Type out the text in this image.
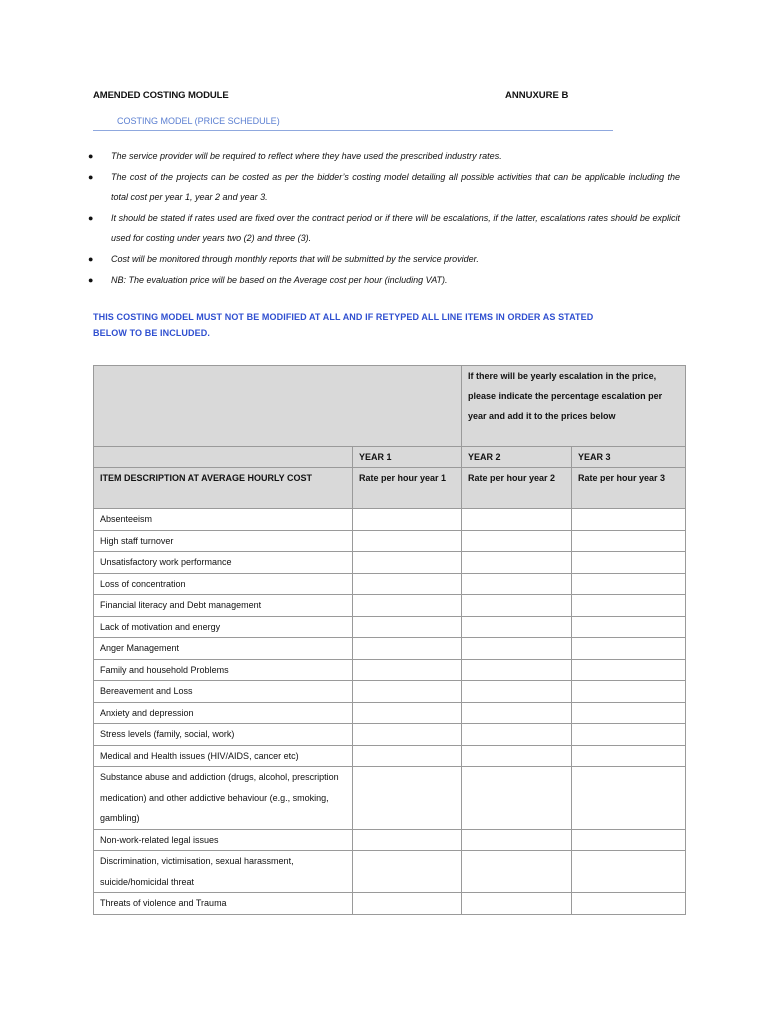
AMENDED COSTING MODULE	ANNUXURE B
COSTING MODEL (PRICE SCHEDULE)
● The service provider will be required to reflect where they have used the prescribed industry rates.
● The cost of the projects can be costed as per the bidder’s costing model detailing all possible activities that can be applicable including the total cost per year 1, year 2 and year 3.
● It should be stated if rates used are fixed over the contract period or if there will be escalations, if the latter, escalations rates should be explicit used for costing under years two (2) and three (3).
● Cost will be monitored through monthly reports that will be submitted by the service provider.
● NB: The evaluation price will be based on the Average cost per hour (including VAT).
THIS COSTING MODEL MUST NOT BE MODIFIED AT ALL AND IF RETYPED ALL LINE ITEMS IN ORDER AS STATED BELOW TO BE INCLUDED.
		If there will be yearly escalation in the price, please indicate the percentage escalation per year and add it to the prices below	
	YEAR 1	YEAR 2	YEAR 3
ITEM DESCRIPTION AT AVERAGE HOURLY COST	Rate per hour year 1	Rate per hour year 2	Rate per hour year 3
Absenteeism			
High staff turnover			
Unsatisfactory work performance			
Loss of concentration			
Financial literacy and Debt management			
Lack of motivation and energy			
Anger Management			
Family and household Problems			
Bereavement and Loss			
Anxiety and depression			
Stress levels (family, social, work)			
Medical and Health issues (HIV/AIDS, cancer etc)			
Substance abuse and addiction (drugs, alcohol, prescription medication) and other addictive behaviour (e.g., smoking, gambling)			
Non-work-related legal issues			
Discrimination, victimisation, sexual harassment, suicide/homicidal threat			
Threats of violence and Trauma			
